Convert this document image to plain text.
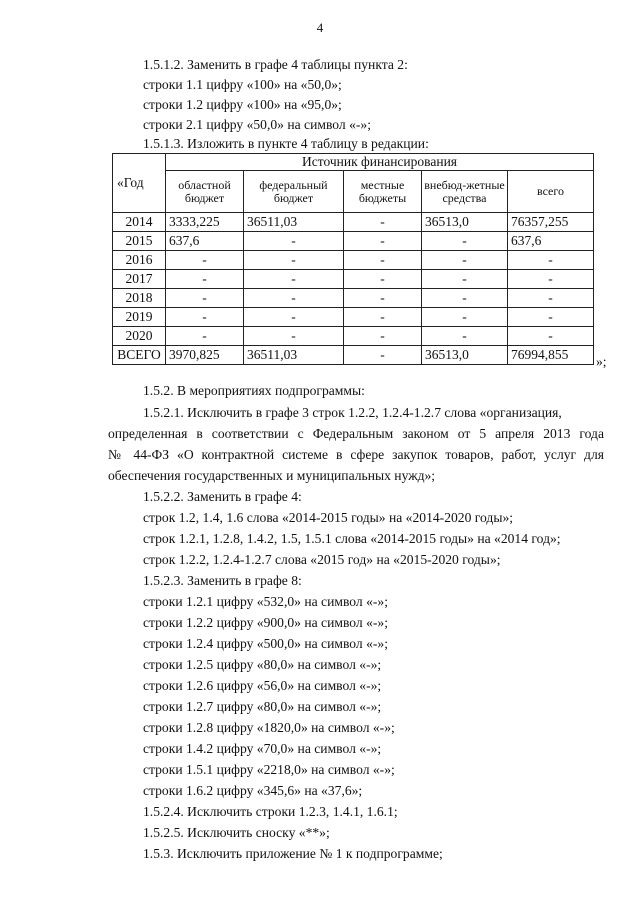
4
1.5.1.2. Заменить в графе 4 таблицы пункта 2:
строки 1.1 цифру «100» на «50,0»;
строки 1.2 цифру «100» на «95,0»;
строки 2.1 цифру «50,0» на символ «-»;
1.5.1.3. Изложить в пункте 4 таблицу в редакции:
«Год	Источник финансирования				
	областной бюджет	федеральный бюджет	местные бюджеты	внебюд-жетные средства	всего
2014	3333,225	36511,03	-	36513,0	76357,255
2015	637,6	-	-	-	637,6
2016	-	-	-	-	-
2017	-	-	-	-	-
2018	-	-	-	-	-
2019	-	-	-	-	-
2020	-	-	-	-	-
ВСЕГО	3970,825	36511,03	-	36513,0	76994,855 »;
1.5.2. В мероприятиях подпрограммы:
1.5.2.1. Исключить в графе 3 строк 1.2.2, 1.2.4-1.2.7 слова «организация,
определенная в соответствии с Федеральным законом от 5 апреля 2013 года
№ 44-ФЗ «О контрактной системе в сфере закупок товаров, работ, услуг для
обеспечения государственных и муниципальных нужд»;
1.5.2.2. Заменить в графе 4:
строк 1.2, 1.4, 1.6 слова «2014-2015 годы» на «2014-2020 годы»;
строк 1.2.1, 1.2.8, 1.4.2, 1.5, 1.5.1 слова «2014-2015 годы» на «2014 год»;
строк 1.2.2, 1.2.4-1.2.7 слова «2015 год» на «2015-2020 годы»;
1.5.2.3. Заменить в графе 8:
строки 1.2.1 цифру «532,0» на символ «-»;
строки 1.2.2 цифру «900,0» на символ «-»;
строки 1.2.4 цифру «500,0» на символ «-»;
строки 1.2.5 цифру «80,0» на символ «-»;
строки 1.2.6 цифру «56,0» на символ «-»;
строки 1.2.7 цифру «80,0» на символ «-»;
строки 1.2.8 цифру «1820,0» на символ «-»;
строки 1.4.2 цифру «70,0» на символ «-»;
строки 1.5.1 цифру «2218,0» на символ «-»;
строки 1.6.2 цифру «345,6» на «37,6»;
1.5.2.4. Исключить строки 1.2.3, 1.4.1, 1.6.1;
1.5.2.5. Исключить сноску «**»;
1.5.3. Исключить приложение № 1 к подпрограмме;
